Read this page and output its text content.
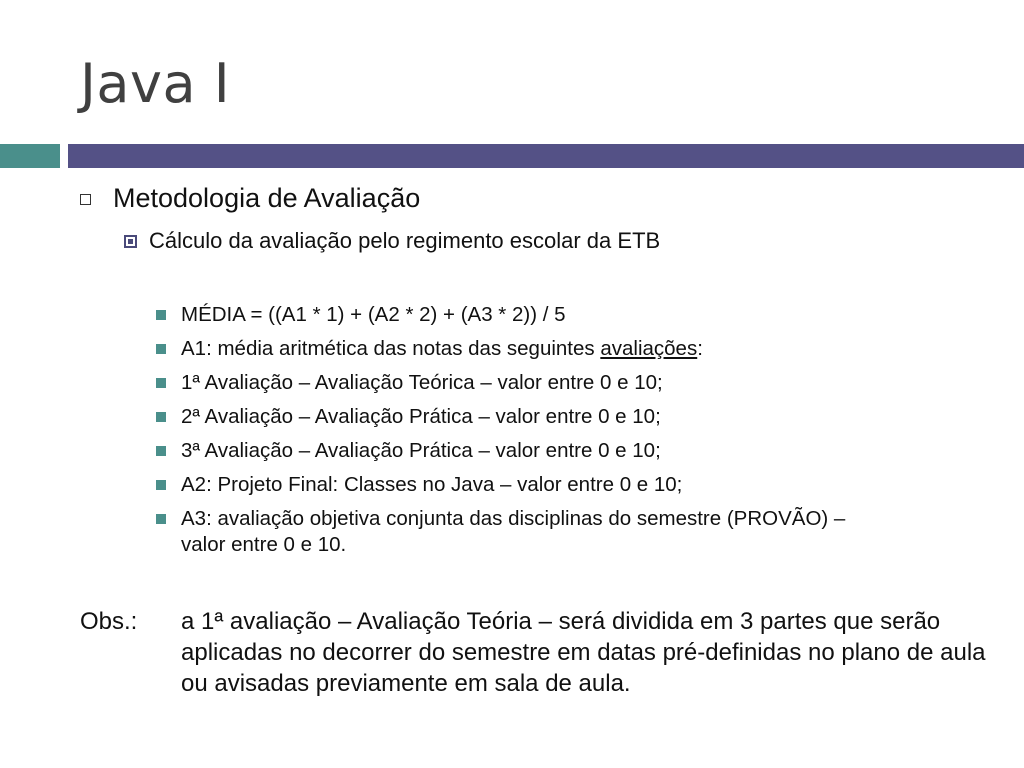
Java I
Metodologia de Avaliação
Cálculo da avaliação pelo regimento escolar da ETB
MÉDIA = ((A1 * 1) + (A2 * 2) + (A3 * 2)) / 5
A1: média aritmética das notas das seguintes avaliações:
1ª Avaliação – Avaliação Teórica – valor entre 0 e 10;
2ª Avaliação – Avaliação Prática – valor entre 0 e 10;
3ª Avaliação – Avaliação Prática – valor entre 0 e 10;
A2: Projeto Final: Classes no Java – valor entre 0 e 10;
A3: avaliação objetiva conjunta das disciplinas do semestre (PROVÃO) – valor entre 0 e 10.
Obs.:	a 1ª avaliação – Avaliação Teória – será dividida em 3 partes que serão aplicadas no decorrer do semestre em datas pré-definidas no plano de aula ou avisadas previamente em sala de aula.
